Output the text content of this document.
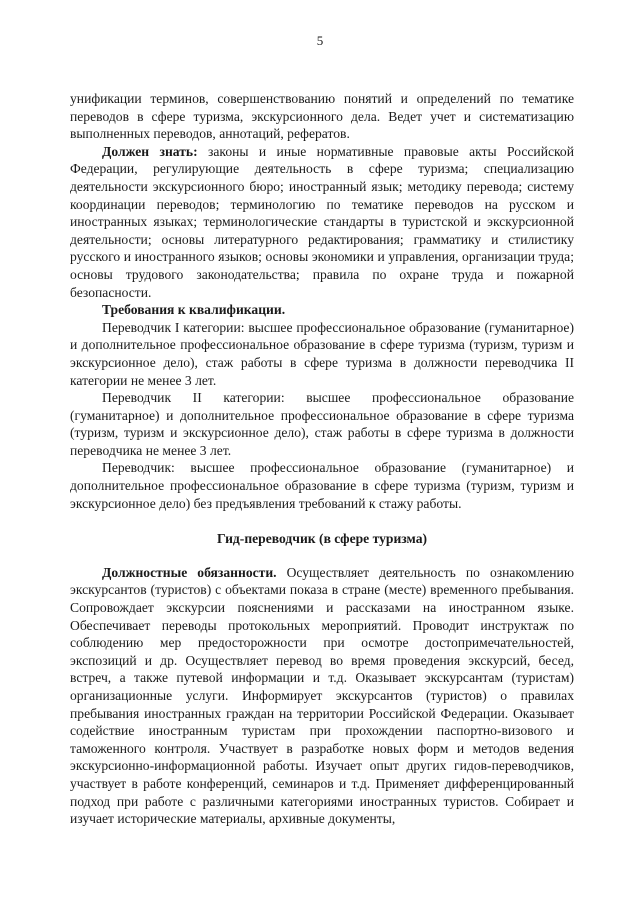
5

унификации терминов, совершенствованию понятий и определений по тематике переводов в сфере туризма, экскурсионного дела. Ведет учет и систематизацию выполненных переводов, аннотаций, рефератов.

Должен знать: законы и иные нормативные правовые акты Российской Федерации, регулирующие деятельность в сфере туризма; специализацию деятельности экскурсионного бюро; иностранный язык; методику перевода; систему координации переводов; терминологию по тематике переводов на русском и иностранных языках; терминологические стандарты в туристской и экскурсионной деятельности; основы литературного редактирования; грамматику и стилистику русского и иностранного языков; основы экономики и управления, организации труда; основы трудового законодательства; правила по охране труда и пожарной безопасности.

Требования к квалификации.

Переводчик I категории: высшее профессиональное образование (гуманитарное) и дополнительное профессиональное образование в сфере туризма (туризм, туризм и экскурсионное дело), стаж работы в сфере туризма в должности переводчика II категории не менее 3 лет.

Переводчик II категории: высшее профессиональное образование (гуманитарное) и дополнительное профессиональное образование в сфере туризма (туризм, туризм и экскурсионное дело), стаж работы в сфере туризма в должности переводчика не менее 3 лет.

Переводчик: высшее профессиональное образование (гуманитарное) и дополнительное профессиональное образование в сфере туризма (туризм, туризм и экскурсионное дело) без предъявления требований к стажу работы.

Гид-переводчик (в сфере туризма)

Должностные обязанности. Осуществляет деятельность по ознакомлению экскурсантов (туристов) с объектами показа в стране (месте) временного пребывания. Сопровождает экскурсии пояснениями и рассказами на иностранном языке. Обеспечивает переводы протокольных мероприятий. Проводит инструктаж по соблюдению мер предосторожности при осмотре достопримечательностей, экспозиций и др. Осуществляет перевод во время проведения экскурсий, бесед, встреч, а также путевой информации и т.д. Оказывает экскурсантам (туристам) организационные услуги. Информирует экскурсантов (туристов) о правилах пребывания иностранных граждан на территории Российской Федерации. Оказывает содействие иностранным туристам при прохождении паспортно-визового и таможенного контроля. Участвует в разработке новых форм и методов ведения экскурсионно-информационной работы. Изучает опыт других гидов-переводчиков, участвует в работе конференций, семинаров и т.д. Применяет дифференцированный подход при работе с различными категориями иностранных туристов. Собирает и изучает исторические материалы, архивные документы,
